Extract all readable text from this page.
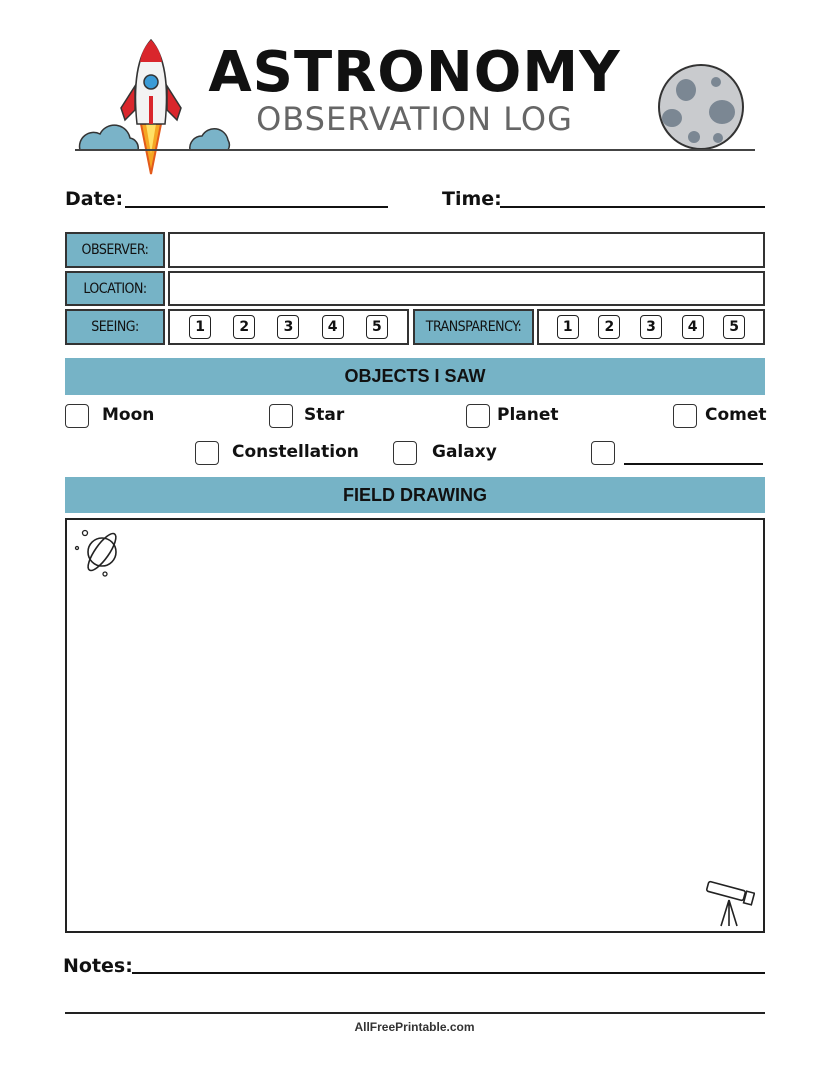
ASTRONOMY
OBSERVATION LOG
Date:	Time:
OBSERVER:
LOCATION:
SEEING:	1	2	3	4	5	TRANSPARENCY:	1	2	3	4	5
OBJECTS I SAW
Moon	Star	Planet	Comet
Constellation	Galaxy
FIELD DRAWING
Notes:
AllFreePrintable.com
